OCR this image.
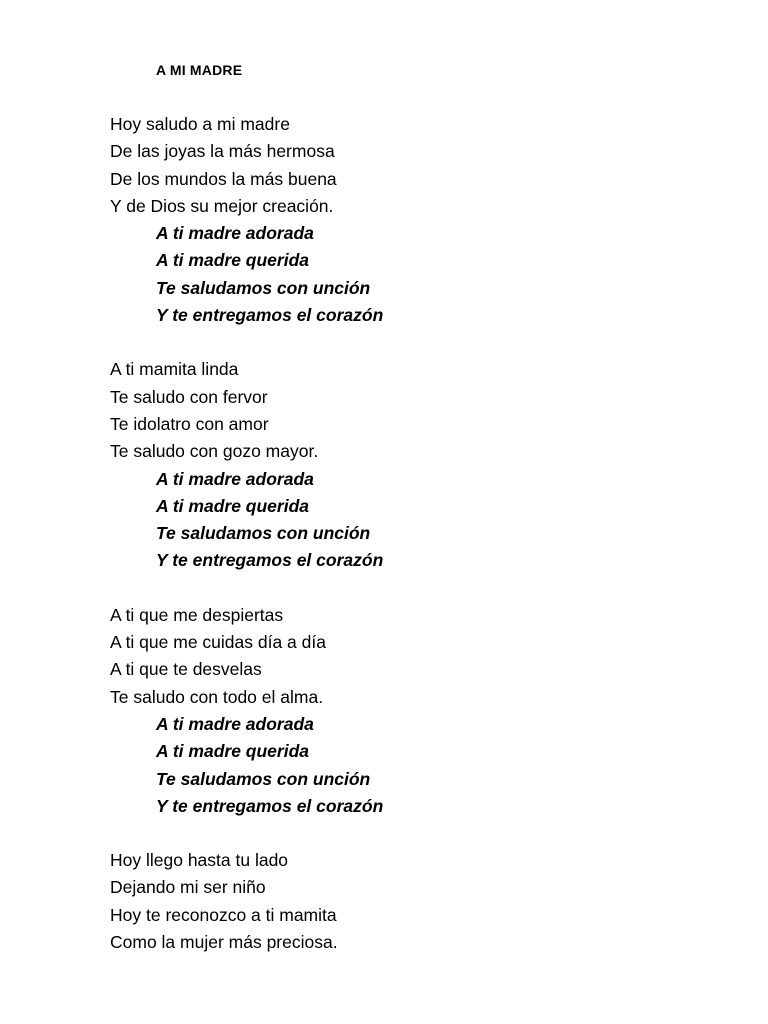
A MI MADRE
Hoy saludo a mi madre
De las joyas la más hermosa
De los mundos la más buena
Y de Dios su mejor creación.
A ti madre adorada
A ti madre querida
Te saludamos con unción
Y te entregamos el corazón
A ti mamita linda
Te saludo con fervor
Te idolatro con amor
Te saludo con gozo mayor.
A ti madre adorada
A ti madre querida
Te saludamos con unción
Y te entregamos el corazón
A ti que me despiertas
A ti que me cuidas día a día
A ti que te desvelas
Te saludo con todo el alma.
A ti madre adorada
A ti madre querida
Te saludamos con unción
Y te entregamos el corazón
Hoy llego hasta tu lado
Dejando mi ser niño
Hoy te reconozco a ti mamita
Como la mujer más preciosa.
